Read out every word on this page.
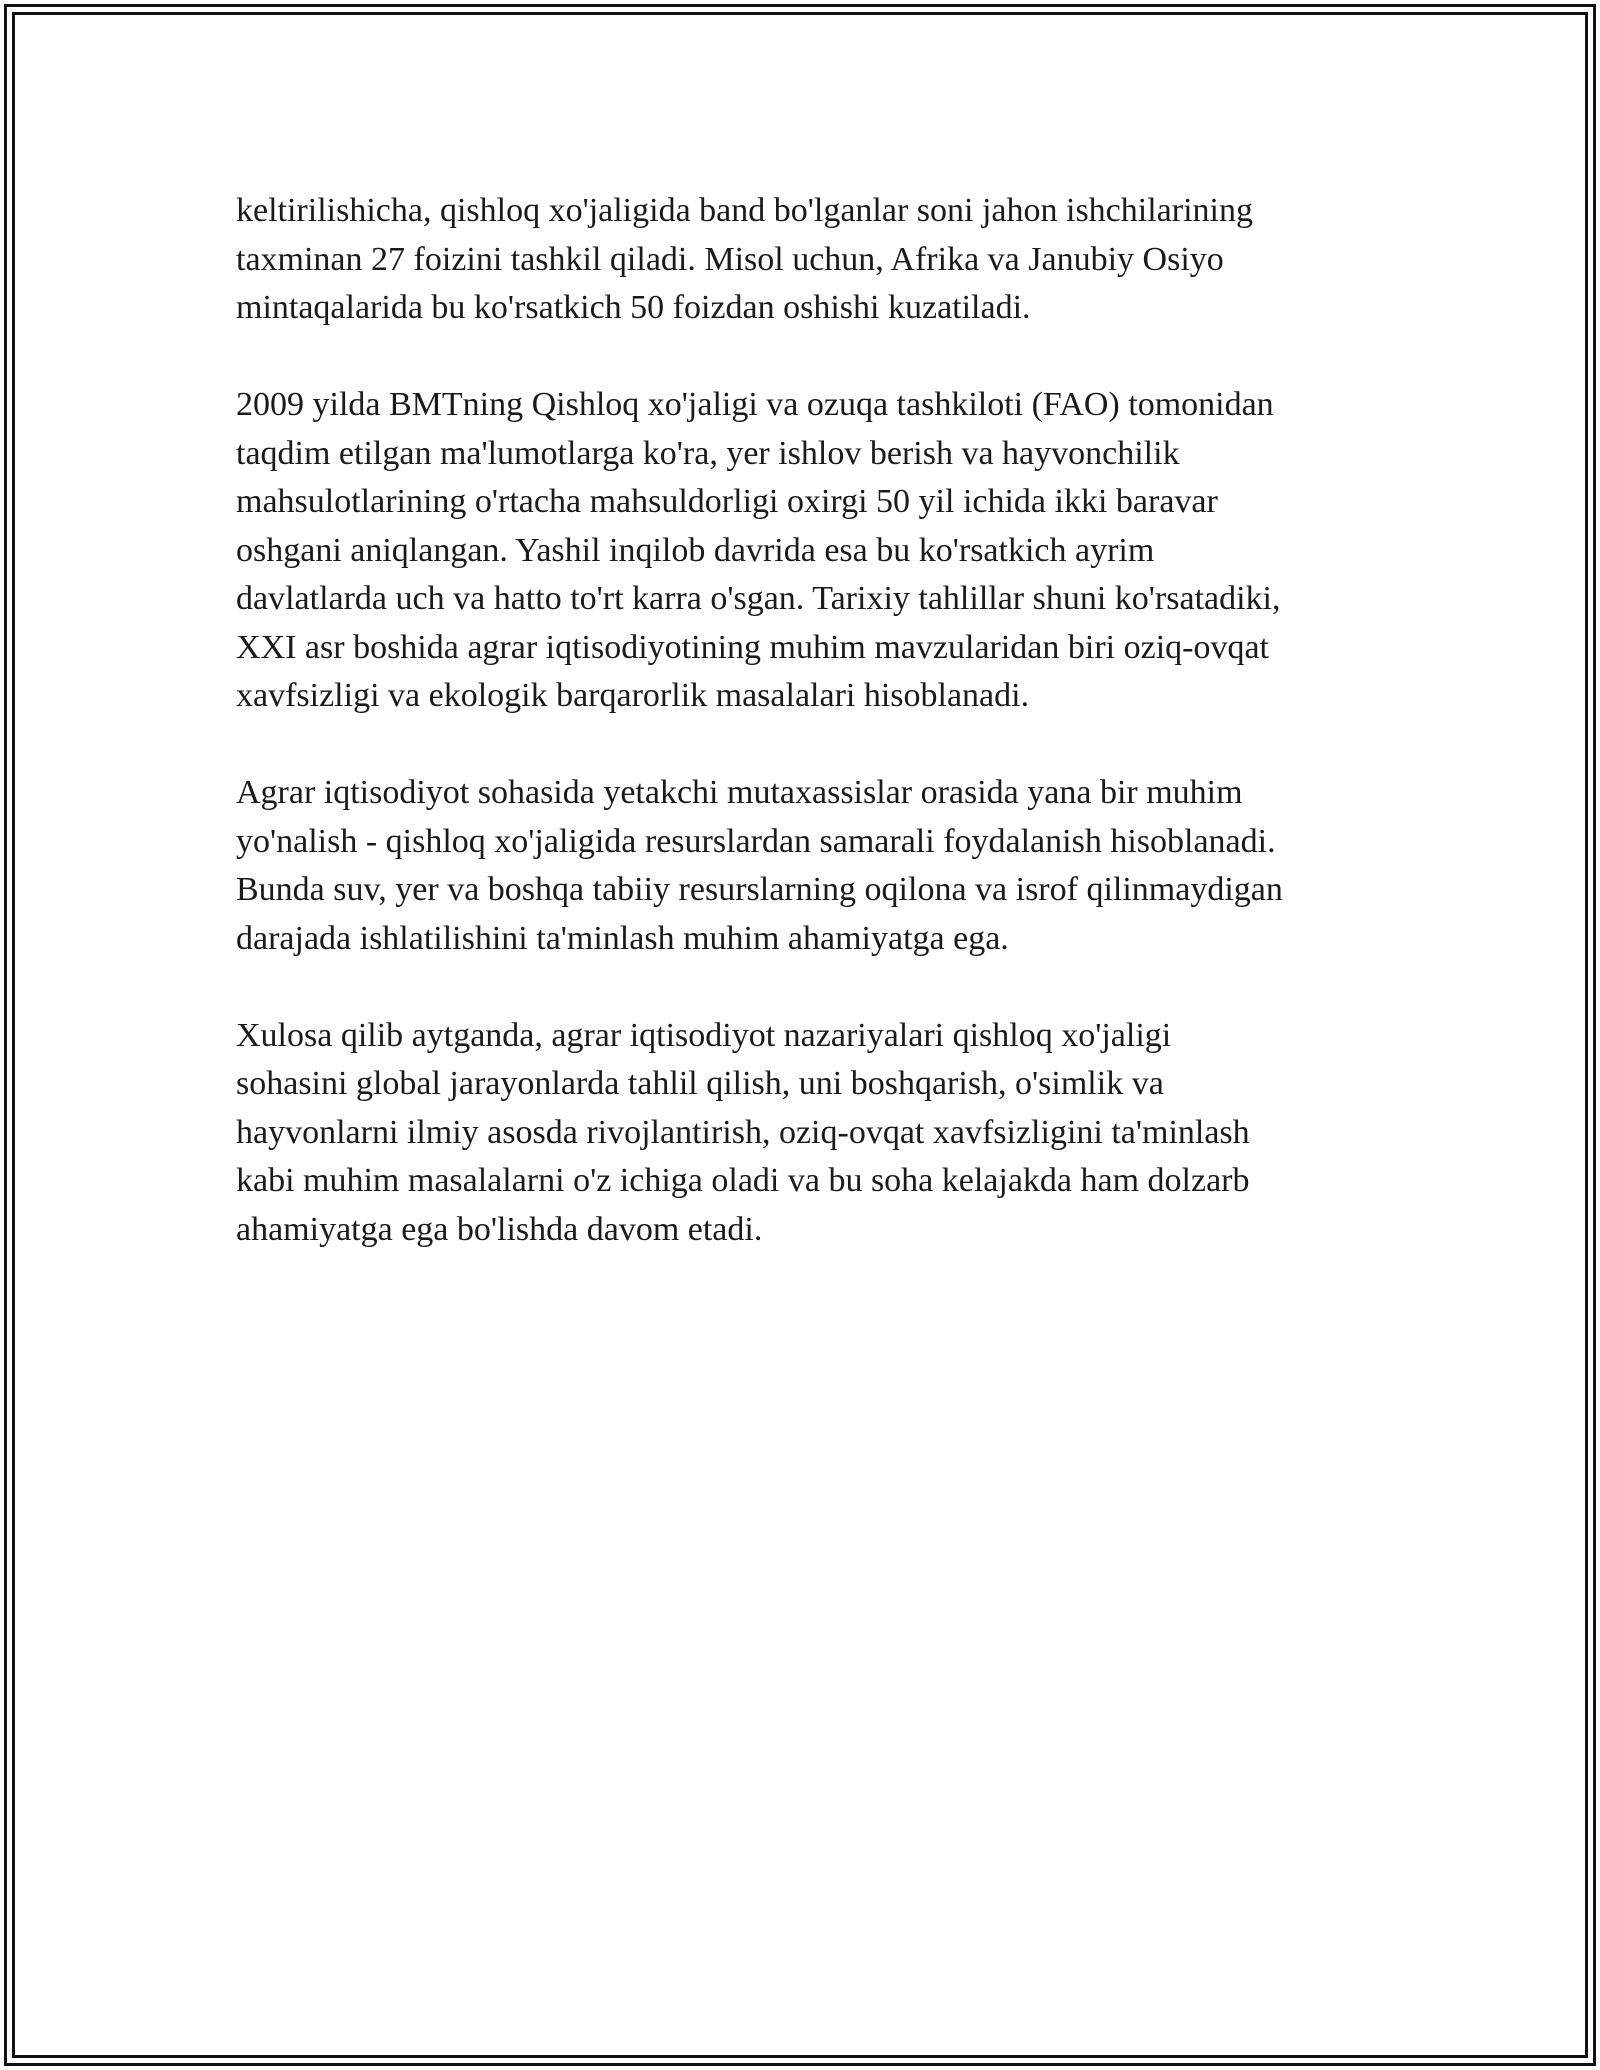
keltirilishicha, qishloq xo'jaligida band bo'lganlar soni jahon ishchilarining
taxminan 27 foizini tashkil qiladi. Misol uchun, Afrika va Janubiy Osiyo
mintaqalarida bu ko'rsatkich 50 foizdan oshishi kuzatiladi.

2009 yilda BMTning Qishloq xo'jaligi va ozuqa tashkiloti (FAO) tomonidan
taqdim etilgan ma'lumotlarga ko'ra, yer ishlov berish va hayvonchilik
mahsulotlarining o'rtacha mahsuldorligi oxirgi 50 yil ichida ikki baravar
oshgani aniqlangan. Yashil inqilob davrida esa bu ko'rsatkich ayrim
davlatlarda uch va hatto to'rt karra o'sgan. Tarixiy tahlillar shuni ko'rsatadiki,
XXI asr boshida agrar iqtisodiyotining muhim mavzularidan biri oziq-ovqat
xavfsizligi va ekologik barqarorlik masalalari hisoblanadi.

Agrar iqtisodiyot sohasida yetakchi mutaxassislar orasida yana bir muhim
yo'nalish - qishloq xo'jaligida resurslardan samarali foydalanish hisoblanadi.
Bunda suv, yer va boshqa tabiiy resurslarning oqilona va isrof qilinmaydigan
darajada ishlatilishini ta'minlash muhim ahamiyatga ega.

Xulosa qilib aytganda, agrar iqtisodiyot nazariyalari qishloq xo'jaligi
sohasini global jarayonlarda tahlil qilish, uni boshqarish, o'simlik va
hayvonlarni ilmiy asosda rivojlantirish, oziq-ovqat xavfsizligini ta'minlash
kabi muhim masalalarni o'z ichiga oladi va bu soha kelajakda ham dolzarb
ahamiyatga ega bo'lishda davom etadi.
